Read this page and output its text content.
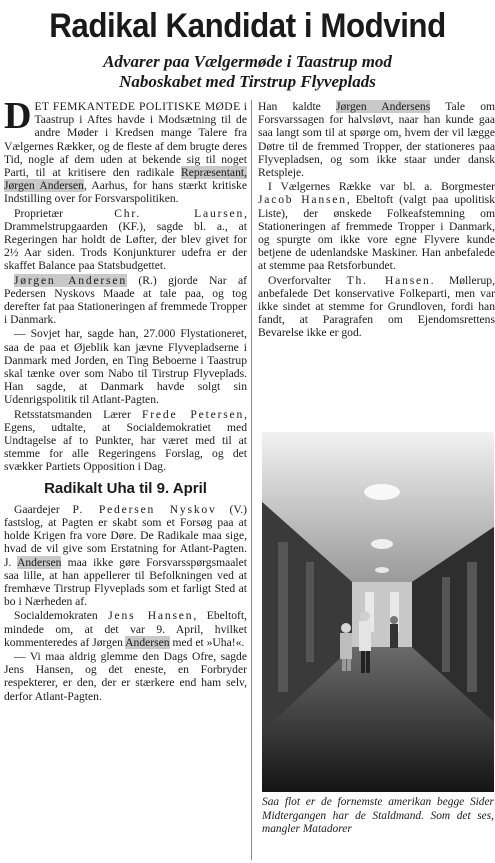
Radikal Kandidat i Modvind
Advarer paa Vælgermøde i Taastrup mod
Naboskabet med Tirstrup Flyveplads

DET FEMKANTEDE POLITISKE MØDE i Taastrup i Aftes havde i Modsætning til de andre Møder i Kredsen mange Talere fra Vælgernes Rækker, og de fleste af dem brugte deres Tid, nogle af dem uden at bekende sig til noget Parti, til at kritisere den radikale Repræsentant, Jørgen Andersen, Aarhus, for hans stærkt kritiske Indstilling over for Forsvarspolitiken.

Proprietær Chr. Laursen, Drammelstrupgaarden (KF.), sagde bl. a., at Regeringen har holdt de Løfter, der blev givet for 2½ Aar siden. Trods Konjunkturer udefra er der skaffet Balance paa Statsbudgettet.

Jørgen Andersen (R.) gjorde Nar af Pedersen Nyskovs Maade at tale paa, og tog derefter fat paa Stationeringen af fremmede Tropper i Danmark.

— Sovjet har, sagde han, 27.000 Flystationeret, saa de paa et Øjeblik kan jævne Flyvepladserne i Danmark med Jorden, en Ting Beboerne i Taastrup skal tænke over som Nabo til Tirstrup Flyveplads. Han sagde, at Danmark havde solgt sin Udenrigspolitik til Atlant-Pagten.

Retsstatsmanden Lærer Frede Petersen, Egens, udtalte, at Socialdemokratiet med Undtagelse af to Punkter, har været med til at stemme for alle Regeringens Forslag, og det svækker Partiets Opposition i Dag.

Radikalt Uha til 9. April

Gaardejer P. Pedersen Nyskov (V.) fastslog, at Pagten er skabt som et Forsøg paa at holde Krigen fra vore Døre. De Radikale maa sige, hvad de vil give som Erstatning for Atlant-Pagten. J. Andersen maa ikke gøre Forsvarsspørgsmaalet saa lille, at han appellerer til Befolkningen ved at fremhæve Tirstrup Flyveplads som et farligt Sted at bo i Nærheden af.

Socialdemokraten Jens Hansen, Ebeltoft, mindede om, at det var 9. April, hvilket kommenteredes af Jørgen Andersen med et »Uha!«.

— Vi maa aldrig glemme den Dags Ofre, sagde Jens Hansen, og det eneste, en Forbryder respekterer, er den, der er stærkere end ham selv, derfor Atlant-Pagten.

Han kaldte Jørgen Andersens Tale om Forsvarssagen for halvsløvt, naar han kunde gaa saa langt som til at spørge om, hvem der vil lægge Døtre til de fremmed Tropper, der stationeres paa Flyvepladsen, og som ikke staar under dansk Retspleje.

I Vælgernes Række var bl. a. Borgmester Jacob Hansen, Ebeltoft (valgt paa upolitisk Liste), der ønskede Folkeafstemning om Stationeringen af fremmede Tropper i Danmark, og spurgte om ikke vore egne Flyvere kunde betjene de udenlandske Maskiner. Han anbefalede at stemme paa Retsforbundet.

Overforvalter Th. Hansen. Møllerup, anbefalede Det konservative Folkeparti, men var ikke sindet at stemme for Grundloven, fordi han fandt, at Paragrafen om Ejendomsrettens Bevarelse ikke er god.

Saa flot er de fornemste amerikan begge Sider Midtergangen har de Staldmand. Som det ses, mangler Matadorer
